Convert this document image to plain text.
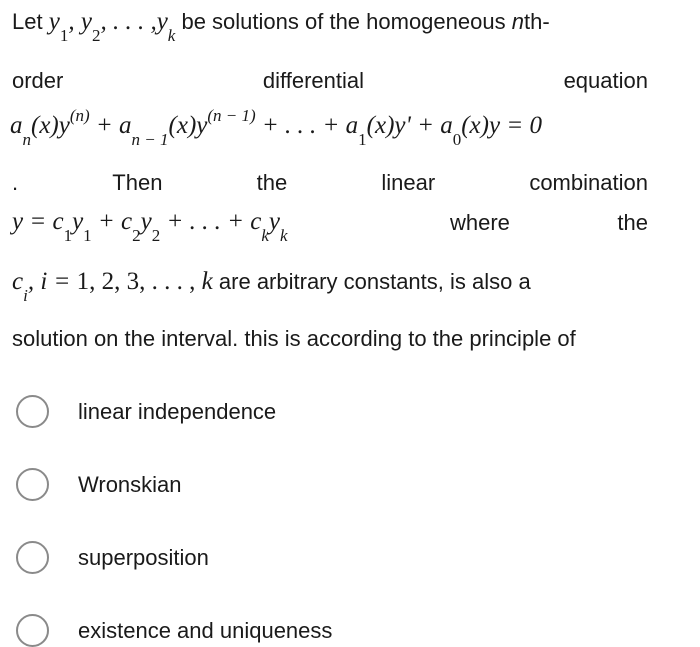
Let $y_1$, $y_2$, . . . $,y_k$ be solutions of the homogeneous nth-
order	differential	equation
$a_n(x)y^{(n)} + a_{n - 1}(x)y^{(n - 1)}$ + . . . + $a_1(x)y' + a_0(x)y = 0$
.	Then	the	linear	combination
$y = c_1y_1 + c_2y_2$ + . . . + $c_ky_k$
where	the
$c_i$, i = 1, 2, 3, . . . , k are arbitrary constants, is also a
solution on the interval. this is according to the principle of
linear independence
Wronskian
superposition
existence and uniqueness
